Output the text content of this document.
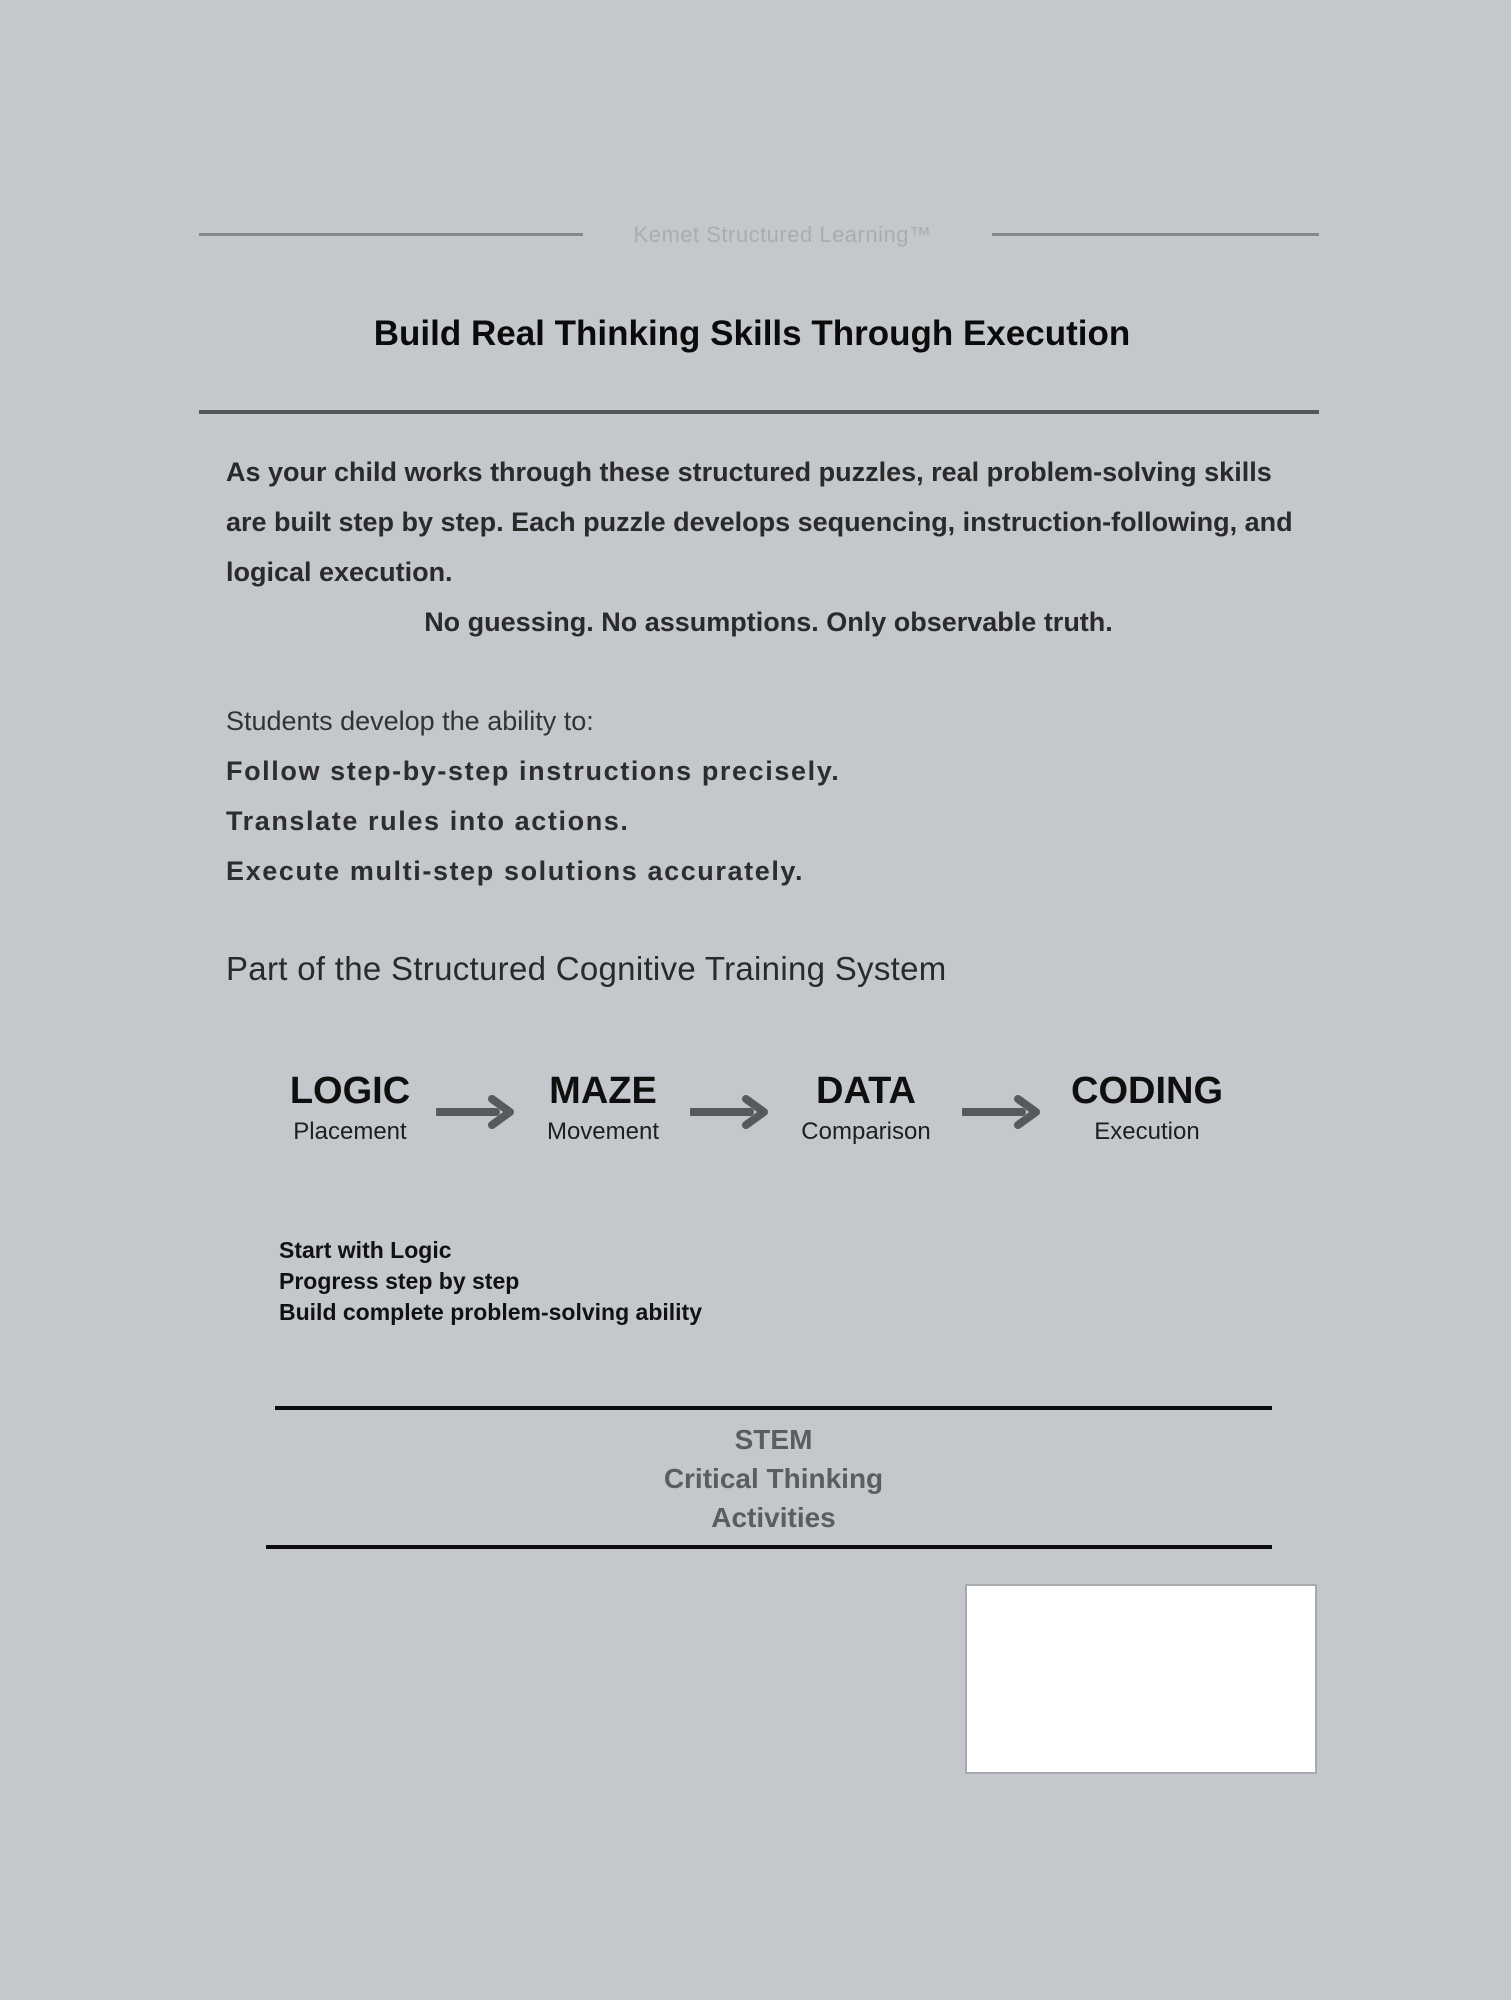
Kemet Structured Learning™
Build Real Thinking Skills Through Execution

As your child works through these structured puzzles, real problem-solving skills are built step by step. Each puzzle develops sequencing, instruction-following, and logical execution.

No guessing. No assumptions. Only observable truth.

Students develop the ability to:
Follow step-by-step instructions precisely.
Translate rules into actions.
Execute multi-step solutions accurately.
Part of the Structured Cognitive Training System
LOGIC
Placement
MAZE
Movement
DATA
Comparison
CODING
Execution
Start with Logic
Progress step by step
Build complete problem-solving ability
STEM
Critical Thinking
Activities
